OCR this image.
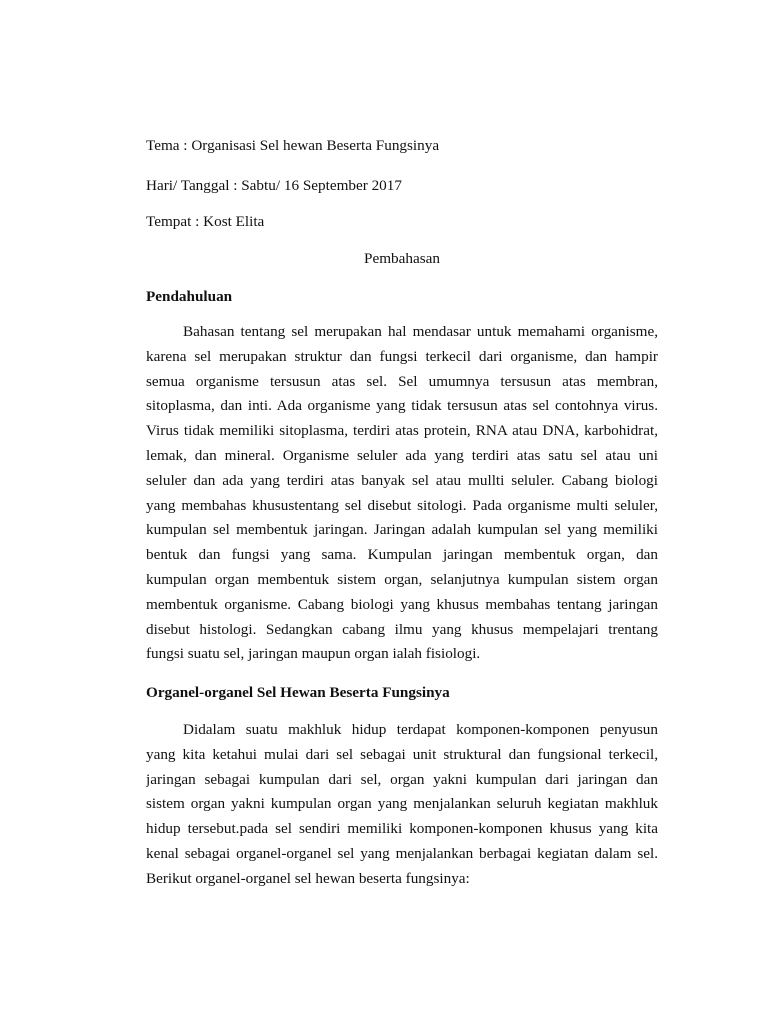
Tema : Organisasi Sel hewan Beserta Fungsinya
Hari/ Tanggal : Sabtu/ 16 September 2017
Tempat : Kost Elita
Pembahasan
Pendahuluan
Bahasan tentang sel merupakan hal mendasar untuk memahami organisme,
karena sel merupakan struktur dan fungsi terkecil dari organisme, dan hampir
semua organisme tersusun atas sel. Sel umumnya tersusun atas membran,
sitoplasma, dan inti. Ada organisme yang tidak tersusun atas sel contohnya virus.
Virus tidak memiliki sitoplasma, terdiri atas protein, RNA atau DNA, karbohidrat,
lemak, dan mineral. Organisme seluler ada yang terdiri atas satu sel atau uni
seluler dan ada yang terdiri atas banyak sel atau mullti seluler. Cabang biologi
yang membahas khusustentang sel disebut sitologi. Pada organisme multi seluler,
kumpulan sel membentuk jaringan. Jaringan adalah kumpulan sel yang memiliki
bentuk dan fungsi yang sama. Kumpulan jaringan membentuk organ, dan
kumpulan organ membentuk sistem organ, selanjutnya kumpulan sistem organ
membentuk organisme. Cabang biologi yang khusus membahas tentang jaringan
disebut histologi. Sedangkan cabang ilmu yang khusus mempelajari trentang
fungsi suatu sel, jaringan maupun organ ialah fisiologi.
Organel-organel Sel Hewan Beserta Fungsinya
Didalam suatu makhluk hidup terdapat komponen-komponen penyusun
yang kita ketahui mulai dari sel sebagai unit struktural dan fungsional terkecil,
jaringan sebagai kumpulan dari sel, organ yakni kumpulan dari jaringan dan
sistem organ yakni kumpulan organ yang menjalankan seluruh kegiatan makhluk
hidup tersebut.pada sel sendiri memiliki komponen-komponen khusus yang kita
kenal sebagai organel-organel sel yang menjalankan berbagai kegiatan dalam sel.
Berikut organel-organel sel hewan beserta fungsinya:
